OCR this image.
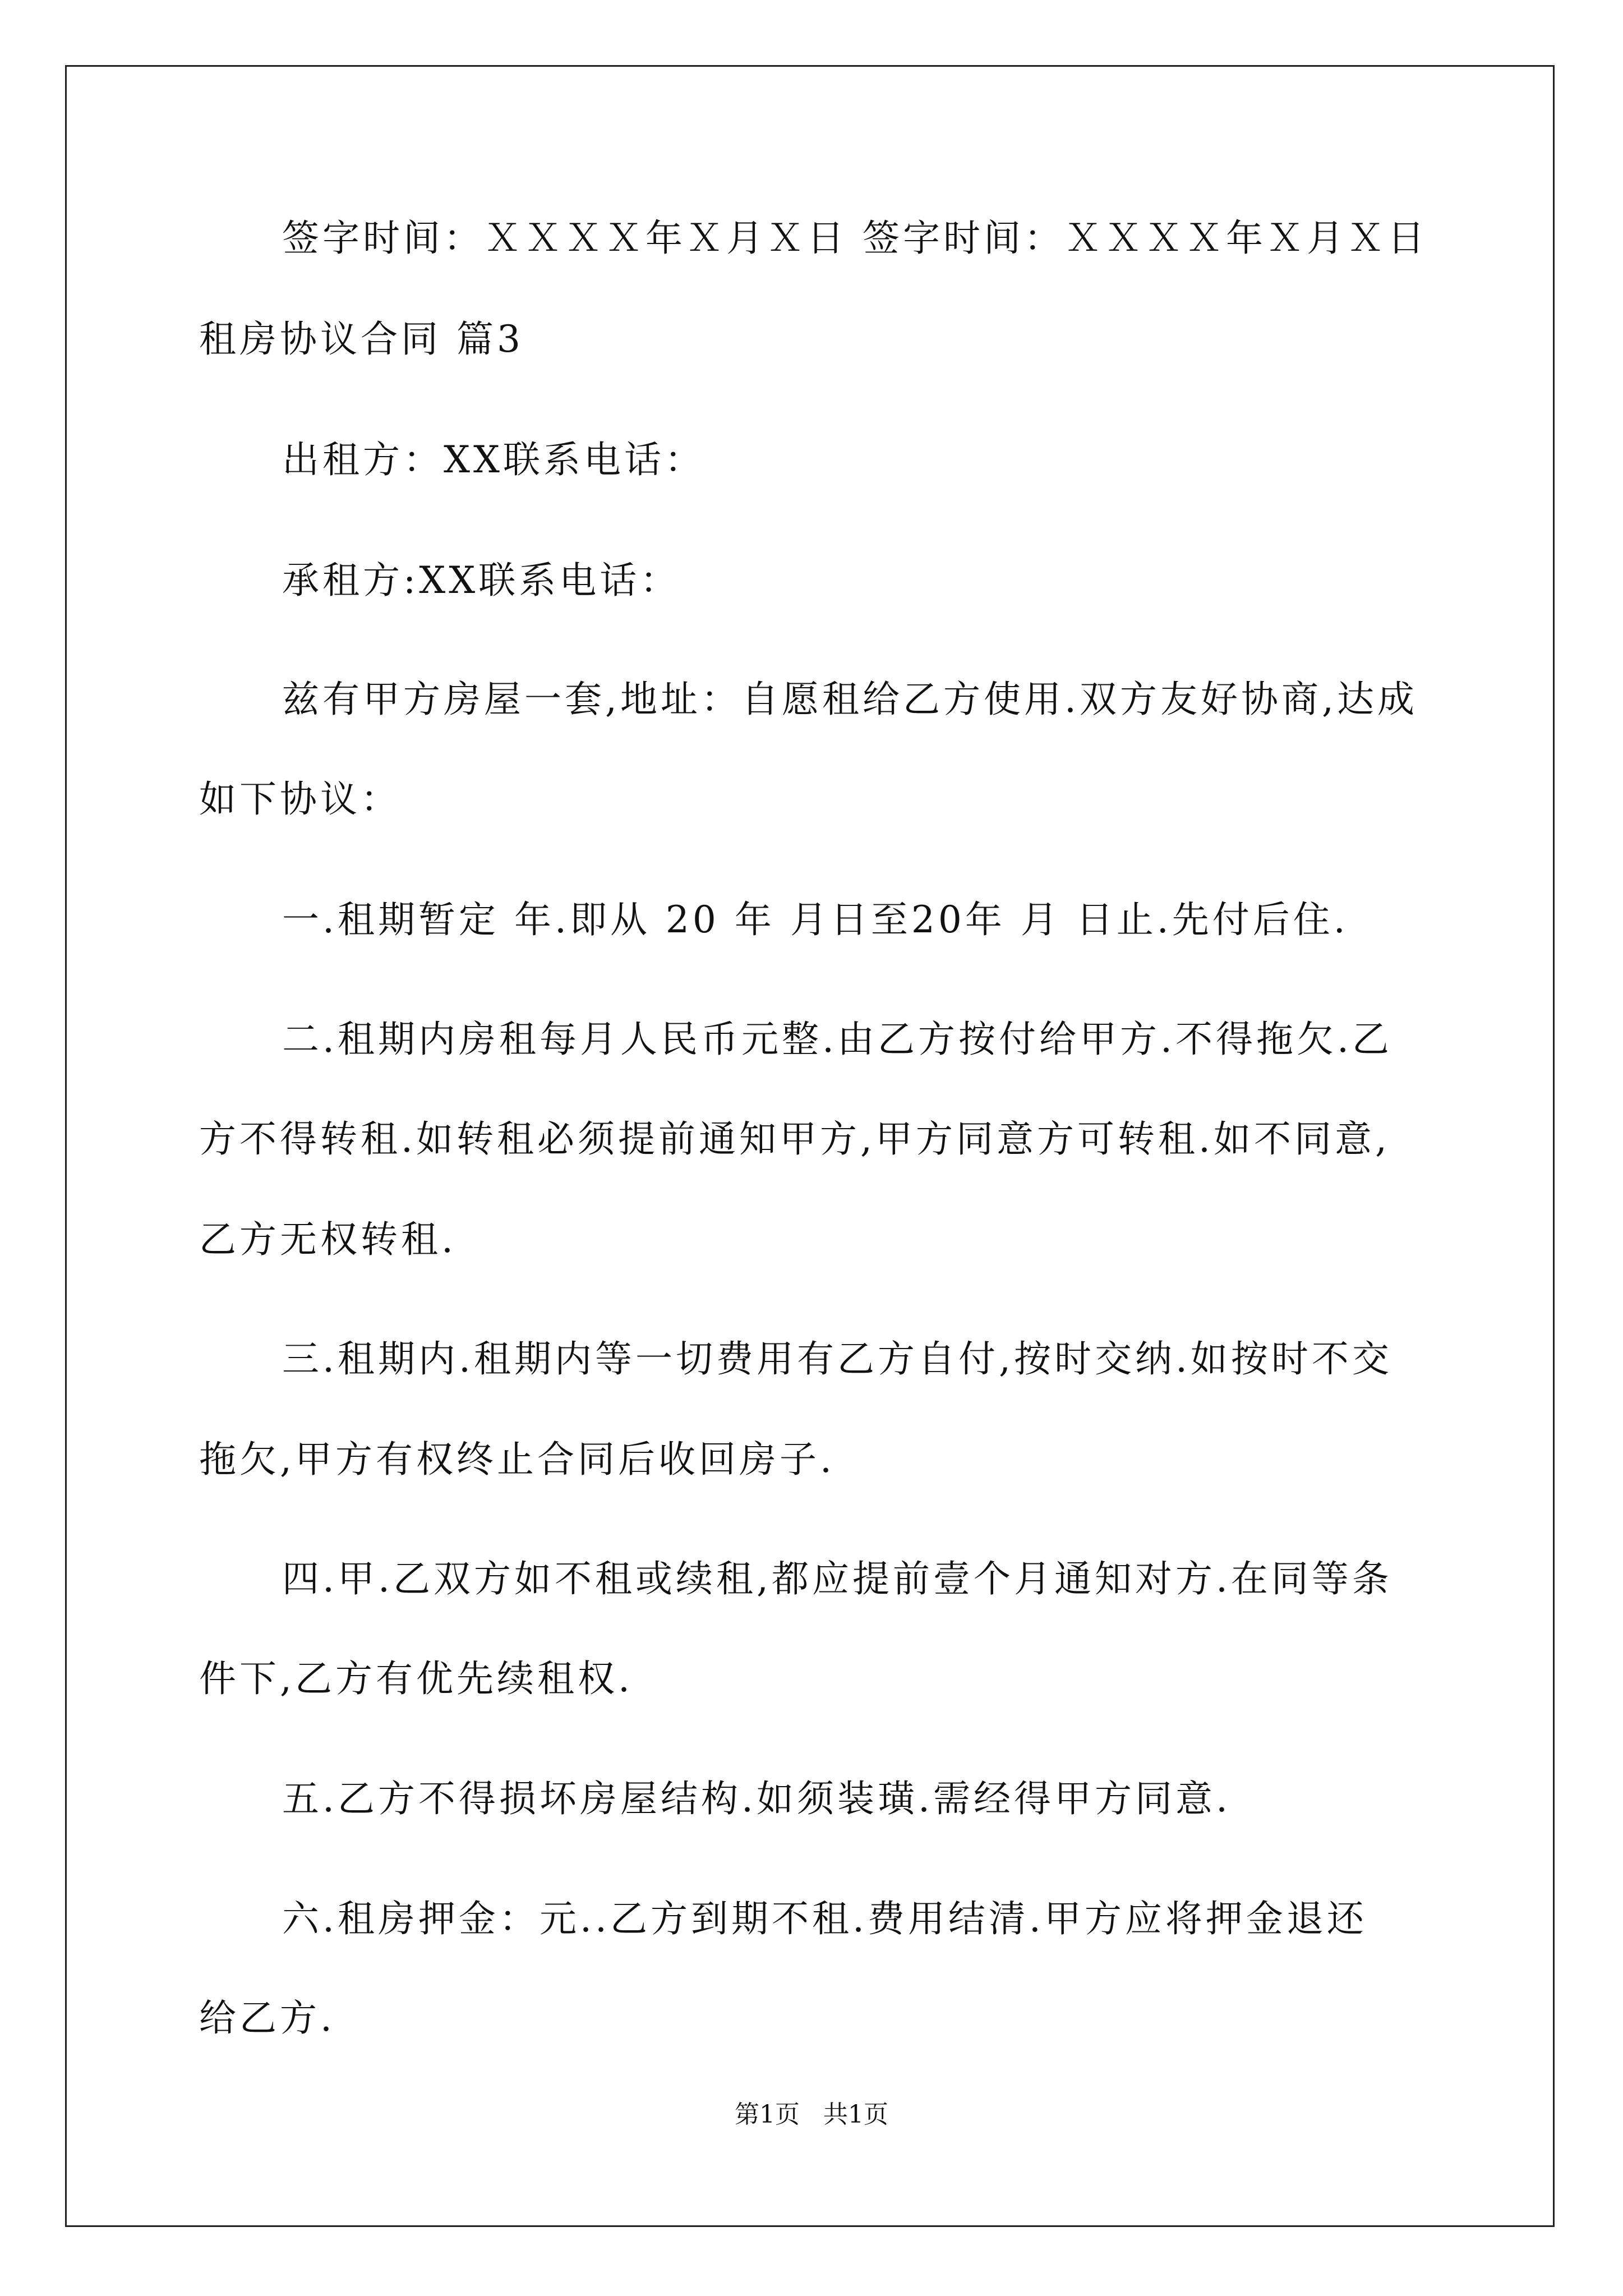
签字时间：ＸＸＸＸ年Ｘ月Ｘ日 签字时间：ＸＸＸＸ年Ｘ月Ｘ日
租房协议合同 篇3
出租方：XX联系电话：
承租方:XX联系电话：
兹有甲方房屋一套,地址：自愿租给乙方使用.双方友好协商,达成
如下协议：
一.租期暂定 年.即从 20 年 月日至20年 月 日止.先付后住.
二.租期内房租每月人民币元整.由乙方按付给甲方.不得拖欠.乙
方不得转租.如转租必须提前通知甲方,甲方同意方可转租.如不同意,
乙方无权转租.
三.租期内.租期内等一切费用有乙方自付,按时交纳.如按时不交
拖欠,甲方有权终止合同后收回房子.
四.甲.乙双方如不租或续租,都应提前壹个月通知对方.在同等条
件下,乙方有优先续租权.
五.乙方不得损坏房屋结构.如须装璜.需经得甲方同意.
六.租房押金：元..乙方到期不租.费用结清.甲方应将押金退还
给乙方.
第1页   共1页
